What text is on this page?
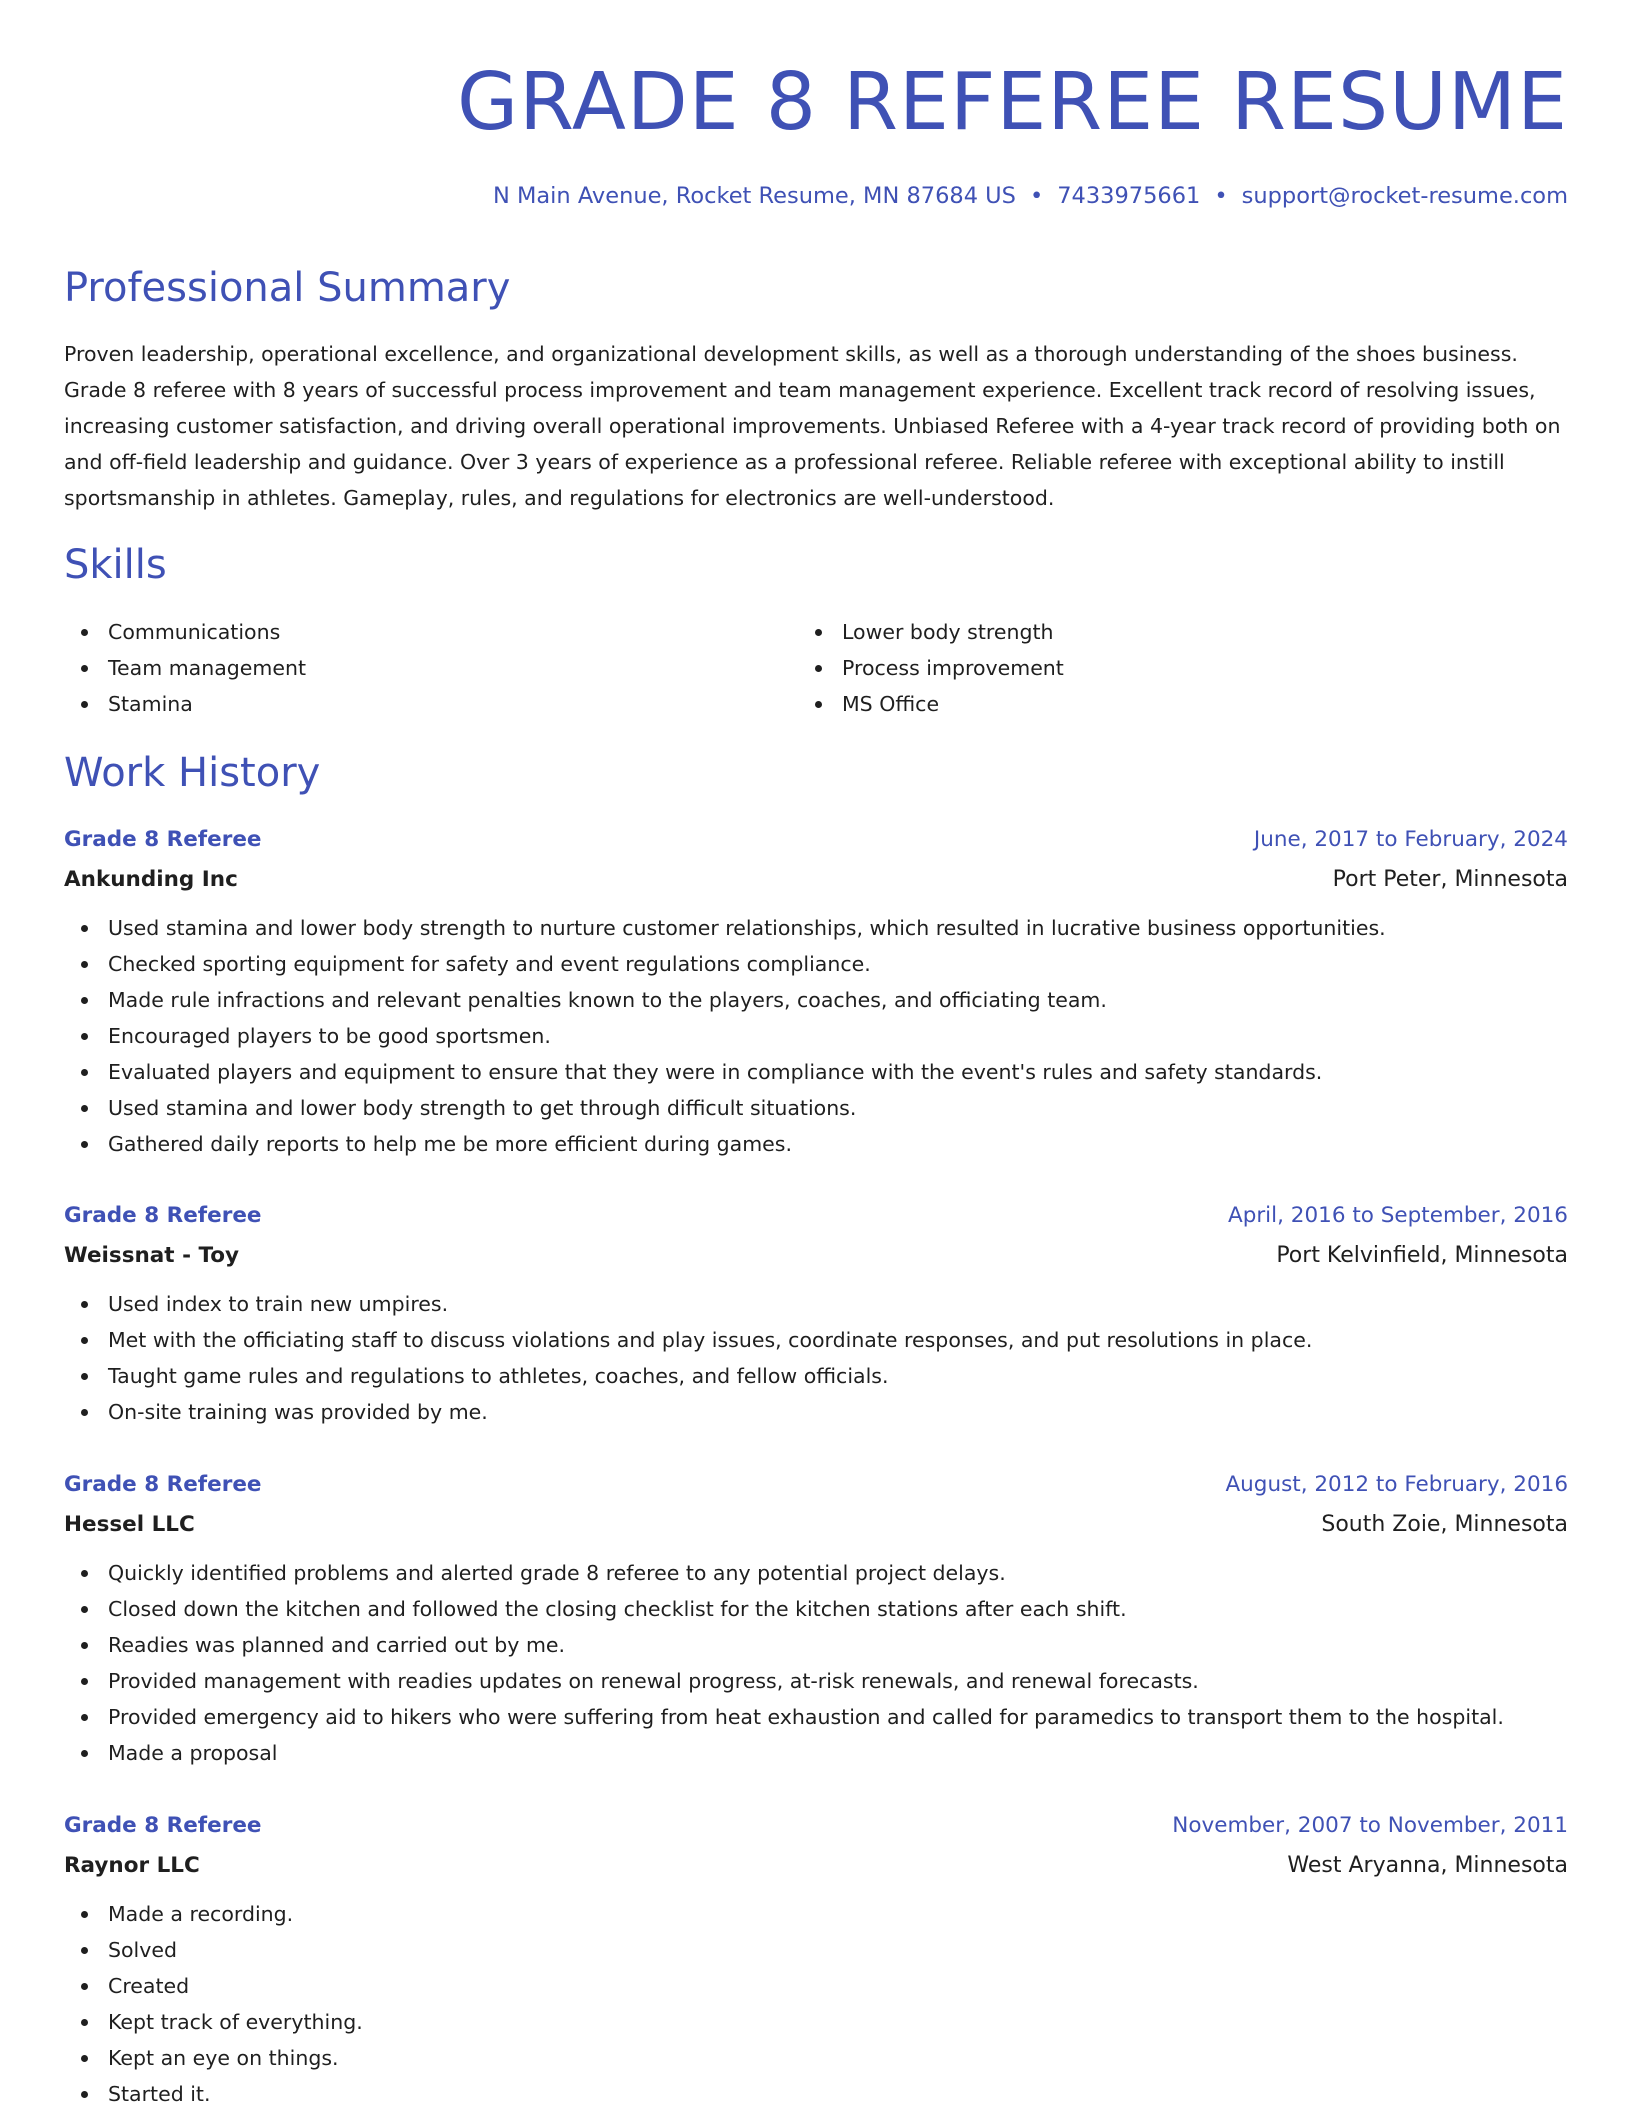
GRADE 8 REFEREE RESUME
N Main Avenue, Rocket Resume, MN 87684 US • 7433975661 • support@rocket-resume.com
Professional Summary

Proven leadership, operational excellence, and organizational development skills, as well as a thorough understanding of the shoes business. Grade 8 referee with 8 years of successful process improvement and team management experience. Excellent track record of resolving issues, increasing customer satisfaction, and driving overall operational improvements. Unbiased Referee with a 4-year track record of providing both on and off-field leadership and guidance. Over 3 years of experience as a professional referee. Reliable referee with exceptional ability to instill sportsmanship in athletes. Gameplay, rules, and regulations for electronics are well-understood.

Skills
Communications
Team management
Stamina
Lower body strength
Process improvement
MS Office
Work History
Grade 8 Referee	June, 2017 to February, 2024
Ankunding Inc	Port Peter, Minnesota
Used stamina and lower body strength to nurture customer relationships, which resulted in lucrative business opportunities.
Checked sporting equipment for safety and event regulations compliance.
Made rule infractions and relevant penalties known to the players, coaches, and officiating team.
Encouraged players to be good sportsmen.
Evaluated players and equipment to ensure that they were in compliance with the event's rules and safety standards.
Used stamina and lower body strength to get through difficult situations.
Gathered daily reports to help me be more efficient during games.
Grade 8 Referee	April, 2016 to September, 2016
Weissnat - Toy	Port Kelvinfield, Minnesota
Used index to train new umpires.
Met with the officiating staff to discuss violations and play issues, coordinate responses, and put resolutions in place.
Taught game rules and regulations to athletes, coaches, and fellow officials.
On-site training was provided by me.
Grade 8 Referee	August, 2012 to February, 2016
Hessel LLC	South Zoie, Minnesota
Quickly identified problems and alerted grade 8 referee to any potential project delays.
Closed down the kitchen and followed the closing checklist for the kitchen stations after each shift.
Readies was planned and carried out by me.
Provided management with readies updates on renewal progress, at-risk renewals, and renewal forecasts.
Provided emergency aid to hikers who were suffering from heat exhaustion and called for paramedics to transport them to the hospital.
Made a proposal
Grade 8 Referee	November, 2007 to November, 2011
Raynor LLC	West Aryanna, Minnesota
Made a recording.
Solved
Created
Kept track of everything.
Kept an eye on things.
Started it.
